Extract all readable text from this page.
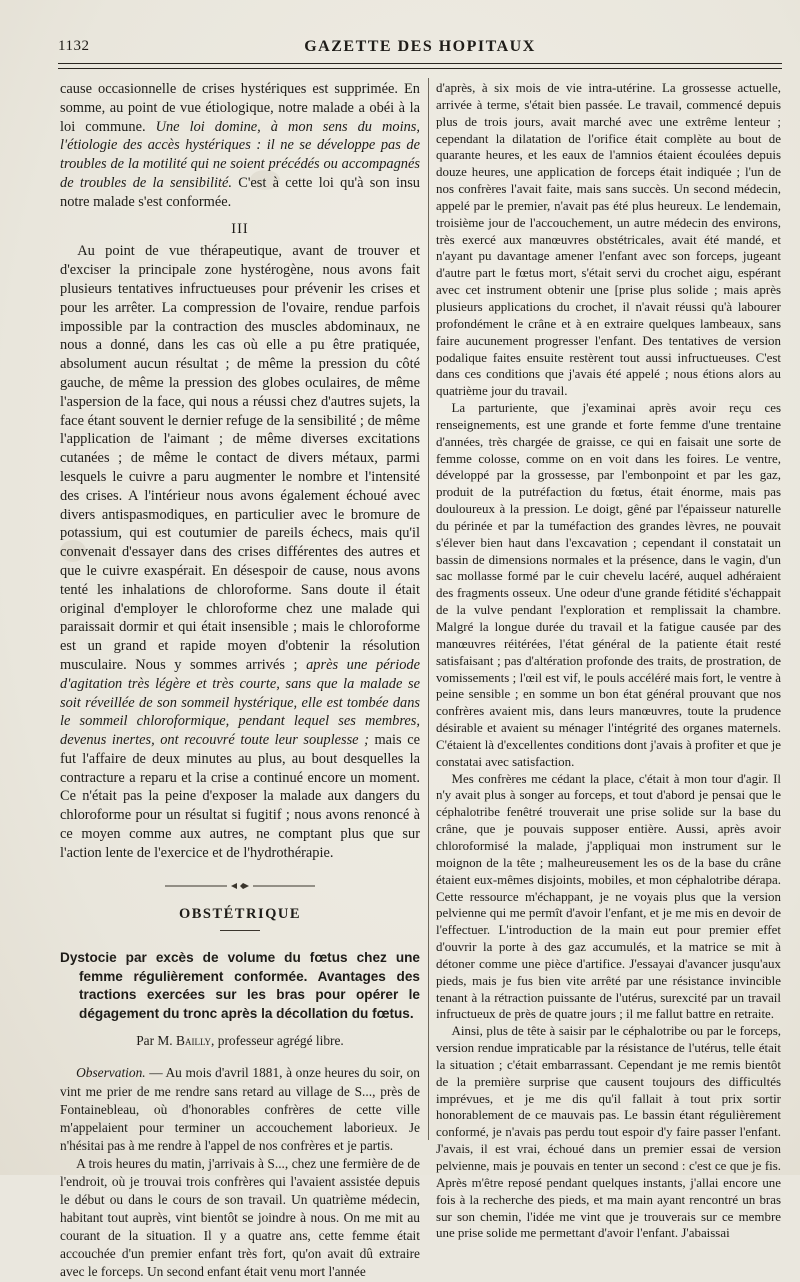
1132	GAZETTE DES HOPITAUX

cause occasionnelle de crises hystériques est supprimée. En somme, au point de vue étiologique, notre malade a obéi à la loi commune. Une loi domine, à mon sens du moins, l'étiologie des accès hystériques : il ne se développe pas de troubles de la motilité qui ne soient précédés ou accompagnés de troubles de la sensibilité. C'est à cette loi qu'à son insu notre malade s'est conformée.

III

Au point de vue thérapeutique, avant de trouver et d'exciser la principale zone hystérogène, nous avons fait plusieurs tentatives infructueuses pour prévenir les crises et pour les arrêter. La compression de l'ovaire, rendue parfois impossible par la contraction des muscles abdominaux, ne nous a donné, dans les cas où elle a pu être pratiquée, absolument aucun résultat ; de même la pression du côté gauche, de même la pression des globes oculaires, de même l'aspersion de la face, qui nous a réussi chez d'autres sujets, la face étant souvent le dernier refuge de la sensibilité ; de même l'application de l'aimant ; de même diverses excitations cutanées ; de même le contact de divers métaux, parmi lesquels le cuivre a paru augmenter le nombre et l'intensité des crises. A l'intérieur nous avons également échoué avec divers antispasmodiques, en particulier avec le bromure de potassium, qui est coutumier de pareils échecs, mais qu'il convenait d'essayer dans des crises différentes des autres et que le cuivre exaspérait. En désespoir de cause, nous avons tenté les inhalations de chloroforme. Sans doute il était original d'employer le chloroforme chez une malade qui paraissait dormir et qui était insensible ; mais le chloroforme est un grand et rapide moyen d'obtenir la résolution musculaire. Nous y sommes arrivés ; après une période d'agitation très légère et très courte, sans que la malade se soit réveillée de son sommeil hystérique, elle est tombée dans le sommeil chloroformique, pendant lequel ses membres, devenus inertes, ont recouvré toute leur souplesse ; mais ce fut l'affaire de deux minutes au plus, au bout desquelles la contracture a reparu et la crise a continué encore un moment. Ce n'était pas la peine d'exposer la malade aux dangers du chloroforme pour un résultat si fugitif ; nous avons renoncé à ce moyen comme aux autres, ne comptant plus que sur l'action lente de l'exercice et de l'hydrothérapie.

OBSTÉTRIQUE

Dystocie par excès de volume du fœtus chez une femme régulièrement conformée. Avantages des tractions exercées sur les bras pour opérer le dégagement du tronc après la décollation du fœtus.

Par M. Bailly, professeur agrégé libre.

Observation. — Au mois d'avril 1881, à onze heures du soir, on vint me prier de me rendre sans retard au village de S..., près de Fontainebleau, où d'honorables confrères de cette ville m'appelaient pour terminer un accouchement laborieux. Je n'hésitai pas à me rendre à l'appel de nos confrères et je partis.

A trois heures du matin, j'arrivais à S..., chez une fermière de de l'endroit, où je trouvai trois confrères qui l'avaient assistée depuis le début ou dans le cours de son travail. Un quatrième médecin, habitant tout auprès, vint bientôt se joindre à nous. On me mit au courant de la situation. Il y a quatre ans, cette femme était accouchée d'un premier enfant très fort, qu'on avait dû extraire avec le forceps. Un second enfant était venu mort l'année

d'après, à six mois de vie intra-utérine. La grossesse actuelle, arrivée à terme, s'était bien passée. Le travail, commencé depuis plus de trois jours, avait marché avec une extrême lenteur ; cependant la dilatation de l'orifice était complète au bout de quarante heures, et les eaux de l'amnios étaient écoulées depuis douze heures, une application de forceps était indiquée ; l'un de nos confrères l'avait faite, mais sans succès. Un second médecin, appelé par le premier, n'avait pas été plus heureux. Le lendemain, troisième jour de l'accouchement, un autre médecin des environs, très exercé aux manœuvres obstétricales, avait été mandé, et n'ayant pu davantage amener l'enfant avec son forceps, jugeant d'autre part le fœtus mort, s'était servi du crochet aigu, espérant avec cet instrument obtenir une [prise plus solide ; mais après plusieurs applications du crochet, il n'avait réussi qu'à labourer profondément le crâne et à en extraire quelques lambeaux, sans faire aucunement progresser l'enfant. Des tentatives de version podalique faites ensuite restèrent tout aussi infructueuses. C'est dans ces conditions que j'avais été appelé ; nous étions alors au quatrième jour du travail.

La parturiente, que j'examinai après avoir reçu ces renseignements, est une grande et forte femme d'une trentaine d'années, très chargée de graisse, ce qui en faisait une sorte de femme colosse, comme on en voit dans les foires. Le ventre, développé par la grossesse, par l'embonpoint et par les gaz, produit de la putréfaction du fœtus, était énorme, mais pas douloureux à la pression. Le doigt, gêné par l'épaisseur naturelle du périnée et par la tuméfaction des grandes lèvres, ne pouvait s'élever bien haut dans l'excavation ; cependant il constatait un bassin de dimensions normales et la présence, dans le vagin, d'un sac mollasse formé par le cuir chevelu lacéré, auquel adhéraient des fragments osseux. Une odeur d'une grande fétidité s'échappait de la vulve pendant l'exploration et remplissait la chambre. Malgré la longue durée du travail et la fatigue causée par des manœuvres réitérées, l'état général de la patiente était resté satisfaisant ; pas d'altération profonde des traits, de prostration, de vomissements ; l'œil est vif, le pouls accéléré mais fort, le ventre à peine sensible ; en somme un bon état général prouvant que nos confrères avaient mis, dans leurs manœuvres, toute la prudence désirable et avaient su ménager l'intégrité des organes maternels. C'étaient là d'excellentes conditions dont j'avais à profiter et que je constatai avec satisfaction.

Mes confrères me cédant la place, c'était à mon tour d'agir. Il n'y avait plus à songer au forceps, et tout d'abord je pensai que le céphalotribe fenêtré trouverait une prise solide sur la base du crâne, que je pouvais supposer entière. Aussi, après avoir chloroformisé la malade, j'appliquai mon instrument sur le moignon de la tête ; malheureusement les os de la base du crâne étaient eux-mêmes disjoints, mobiles, et mon céphalotribe dérapa. Cette ressource m'échappant, je ne voyais plus que la version pelvienne qui me permît d'avoir l'enfant, et je me mis en devoir de l'effectuer. L'introduction de la main eut pour premier effet d'ouvrir la porte à des gaz accumulés, et la matrice se mit à détoner comme une pièce d'artifice. J'essayai d'avancer jusqu'aux pieds, mais je fus bien vite arrêté par une résistance invincible tenant à la rétraction puissante de l'utérus, surexcité par un travail infructueux de près de quatre jours ; il me fallut battre en retraite.

Ainsi, plus de tête à saisir par le céphalotribe ou par le forceps, version rendue impraticable par la résistance de l'utérus, telle était la situation ; c'était embarrassant. Cependant je me remis bientôt de la première surprise que causent toujours des difficultés imprévues, et je me dis qu'il fallait à tout prix sortir honorablement de ce mauvais pas. Le bassin étant régulièrement conformé, je n'avais pas perdu tout espoir d'y faire passer l'enfant. J'avais, il est vrai, échoué dans un premier essai de version pelvienne, mais je pouvais en tenter un second : c'est ce que je fis. Après m'être reposé pendant quelques instants, j'allai encore une fois à la recherche des pieds, et ma main ayant rencontré un bras sur son chemin, l'idée me vint que je trouverais sur ce membre une prise solide me permettant d'avoir l'enfant. J'abaissai
